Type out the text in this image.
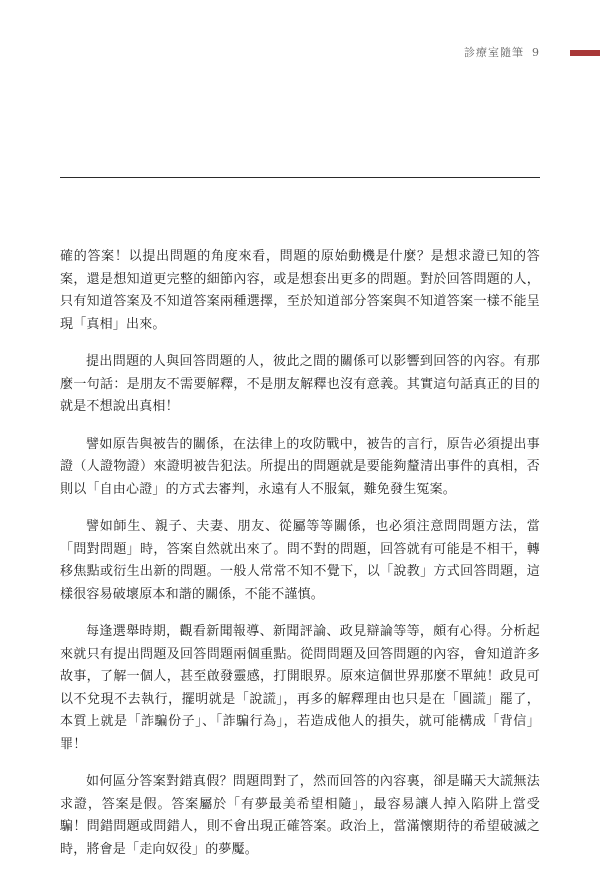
診療室隨筆 9

確的答案！以提出問題的角度來看，問題的原始動機是什麼？是想求證已知的答案，還是想知道更完整的細節內容，或是想套出更多的問題。對於回答問題的人，只有知道答案及不知道答案兩種選擇，至於知道部分答案與不知道答案一樣不能呈現「真相」出來。

提出問題的人與回答問題的人，彼此之間的關係可以影響到回答的內容。有那麼一句話：是朋友不需要解釋，不是朋友解釋也沒有意義。其實這句話真正的目的就是不想說出真相！

譬如原告與被告的關係，在法律上的攻防戰中，被告的言行，原告必須提出事證（人證物證）來證明被告犯法。所提出的問題就是要能夠釐清出事件的真相，否則以「自由心證」的方式去審判，永遠有人不服氣，難免發生冤案。

譬如師生、親子、夫妻、朋友、從屬等等關係，也必須注意問問題方法，當「問對問題」時，答案自然就出來了。問不對的問題，回答就有可能是不相干，轉移焦點或衍生出新的問題。一般人常常不知不覺下，以「說教」方式回答問題，這樣很容易破壞原本和諧的關係，不能不謹慎。

每逢選舉時期，觀看新聞報導、新聞評論、政見辯論等等，頗有心得。分析起來就只有提出問題及回答問題兩個重點。從問問題及回答問題的內容，會知道許多故事，了解一個人，甚至啟發靈感，打開眼界。原來這個世界那麼不單純！政見可以不兌現不去執行，擺明就是「說謊」，再多的解釋理由也只是在「圓謊」罷了，本質上就是「詐騙份子」、「詐騙行為」，若造成他人的損失，就可能構成「背信」罪！

如何區分答案對錯真假？問題問對了，然而回答的內容裏，卻是瞞天大謊無法求證，答案是假。答案屬於「有夢最美希望相隨」，最容易讓人掉入陷阱上當受騙！問錯問題或問錯人，則不會出現正確答案。政治上，當滿懷期待的希望破滅之時，將會是「走向奴役」的夢魘。
